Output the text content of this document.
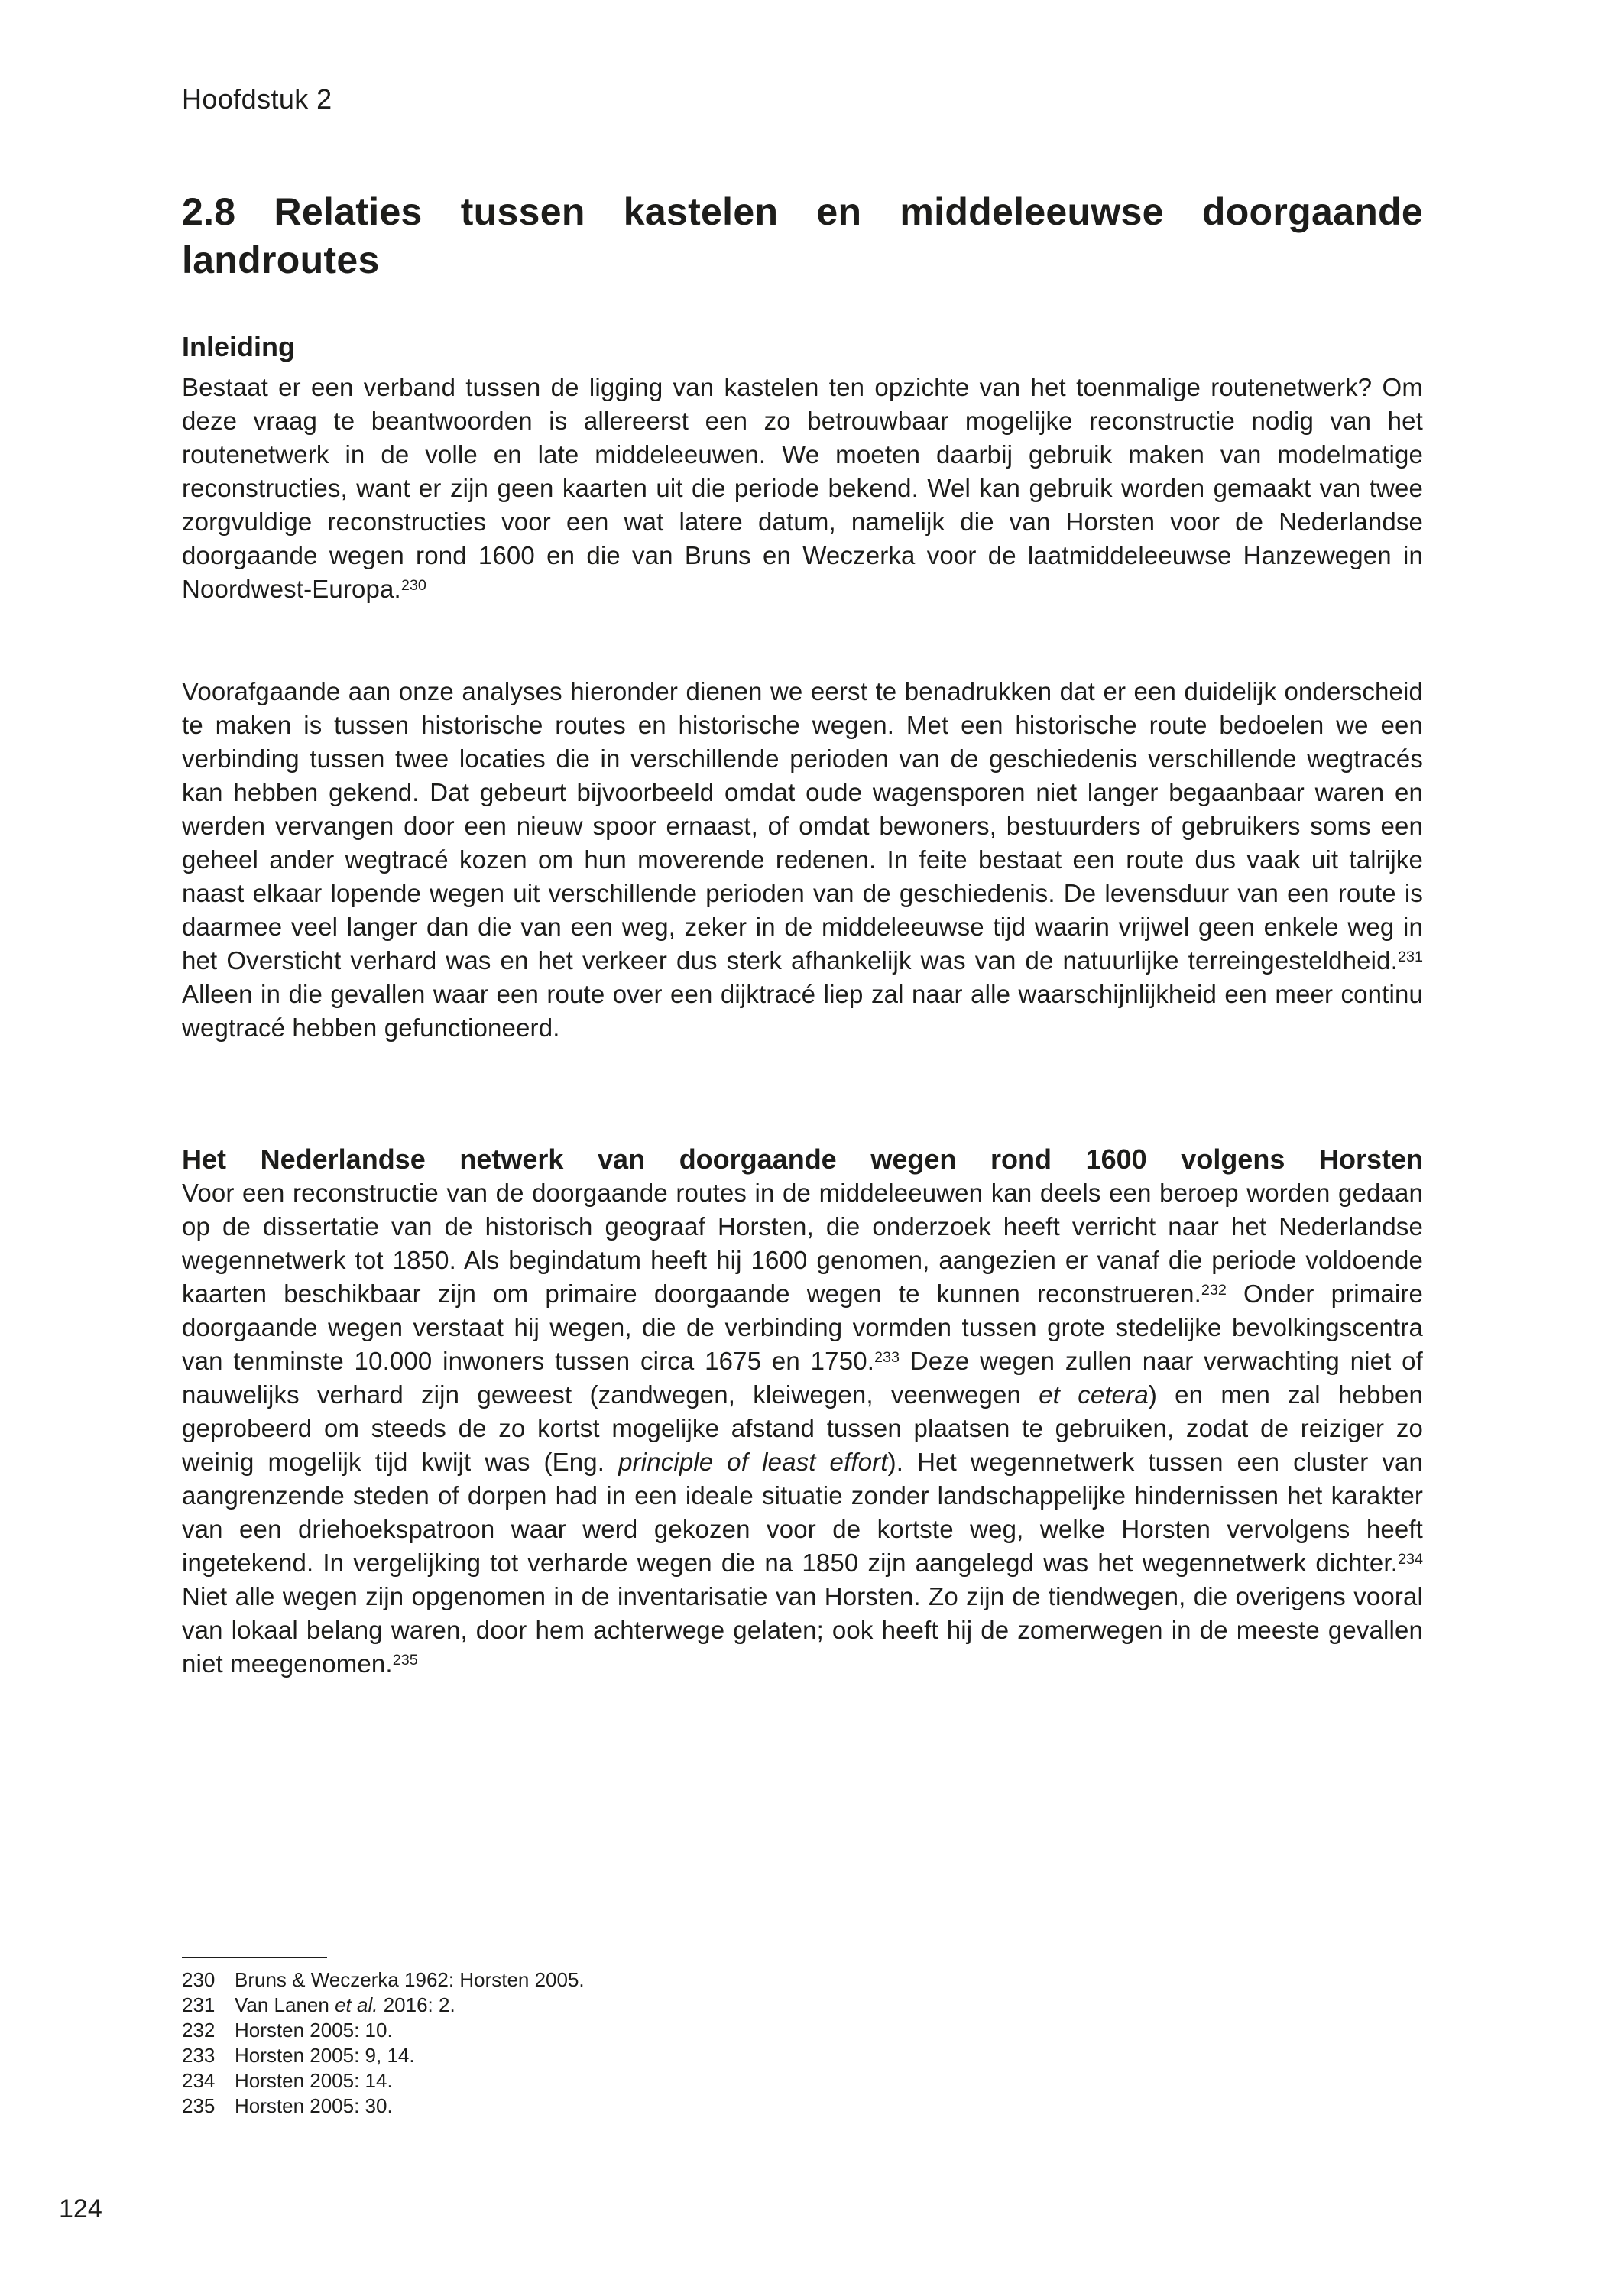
Hoofdstuk 2
2.8 Relaties tussen kastelen en middeleeuwse doorgaande
landroutes
Inleiding
Bestaat er een verband tussen de ligging van kastelen ten opzichte van het toenmalige routenetwerk? Om deze vraag te beantwoorden is allereerst een zo betrouwbaar mogelijke reconstructie nodig van het routenetwerk in de volle en late middeleeuwen. We moeten daarbij gebruik maken van modelmatige reconstructies, want er zijn geen kaarten uit die periode bekend. Wel kan gebruik worden gemaakt van twee zorgvuldige reconstructies voor een wat latere datum, namelijk die van Horsten voor de Nederlandse doorgaande wegen rond 1600 en die van Bruns en Weczerka voor de laatmiddeleeuwse Hanzewegen in Noordwest-Europa.$^{230}$
Voorafgaande aan onze analyses hieronder dienen we eerst te benadrukken dat er een duidelijk onderscheid te maken is tussen historische routes en historische wegen. Met een historische route bedoelen we een verbinding tussen twee locaties die in verschillende perioden van de geschiedenis verschillende wegtracés kan hebben gekend. Dat gebeurt bijvoorbeeld omdat oude wagensporen niet langer begaanbaar waren en werden vervangen door een nieuw spoor ernaast, of omdat bewoners, bestuurders of gebruikers soms een geheel ander wegtracé kozen om hun moverende redenen. In feite bestaat een route dus vaak uit talrijke naast elkaar lopende wegen uit verschillende perioden van de geschiedenis. De levensduur van een route is daarmee veel langer dan die van een weg, zeker in de middeleeuwse tijd waarin vrijwel geen enkele weg in het Oversticht verhard was en het verkeer dus sterk afhankelijk was van de natuurlijke terreingesteldheid.$^{231}$ Alleen in die gevallen waar een route over een dijktracé liep zal naar alle waarschijnlijkheid een meer continu wegtracé hebben gefunctioneerd.
Het Nederlandse netwerk van doorgaande wegen rond 1600 volgens Horsten
Voor een reconstructie van de doorgaande routes in de middeleeuwen kan deels een beroep worden gedaan op de dissertatie van de historisch geograaf Horsten, die onderzoek heeft verricht naar het Nederlandse wegennetwerk tot 1850. Als begindatum heeft hij 1600 genomen, aangezien er vanaf die periode voldoende kaarten beschikbaar zijn om primaire doorgaande wegen te kunnen reconstrueren.$^{232}$ Onder primaire doorgaande wegen verstaat hij wegen, die de verbinding vormden tussen grote stedelijke bevolkingscentra van tenminste 10.000 inwoners tussen circa 1675 en 1750.$^{233}$ Deze wegen zullen naar verwachting niet of nauwelijks verhard zijn geweest (zandwegen, kleiwegen, veenwegen et cetera) en men zal hebben geprobeerd om steeds de zo kortst mogelijke afstand tussen plaatsen te gebruiken, zodat de reiziger zo weinig mogelijk tijd kwijt was (Eng. principle of least effort). Het wegennetwerk tussen een cluster van aangrenzende steden of dorpen had in een ideale situatie zonder landschappelijke hindernissen het karakter van een driehoekspatroon waar werd gekozen voor de kortste weg, welke Horsten vervolgens heeft ingetekend. In vergelijking tot verharde wegen die na 1850 zijn aangelegd was het wegennetwerk dichter.$^{234}$ Niet alle wegen zijn opgenomen in de inventarisatie van Horsten. Zo zijn de tiendwegen, die overigens vooral van lokaal belang waren, door hem achterwege gelaten; ook heeft hij de zomerwegen in de meeste gevallen niet meegenomen.$^{235}$
230 Bruns & Weczerka 1962: Horsten 2005.
231 Van Lanen et al. 2016: 2.
232 Horsten 2005: 10.
233 Horsten 2005: 9, 14.
234 Horsten 2005: 14.
235 Horsten 2005: 30.
124
